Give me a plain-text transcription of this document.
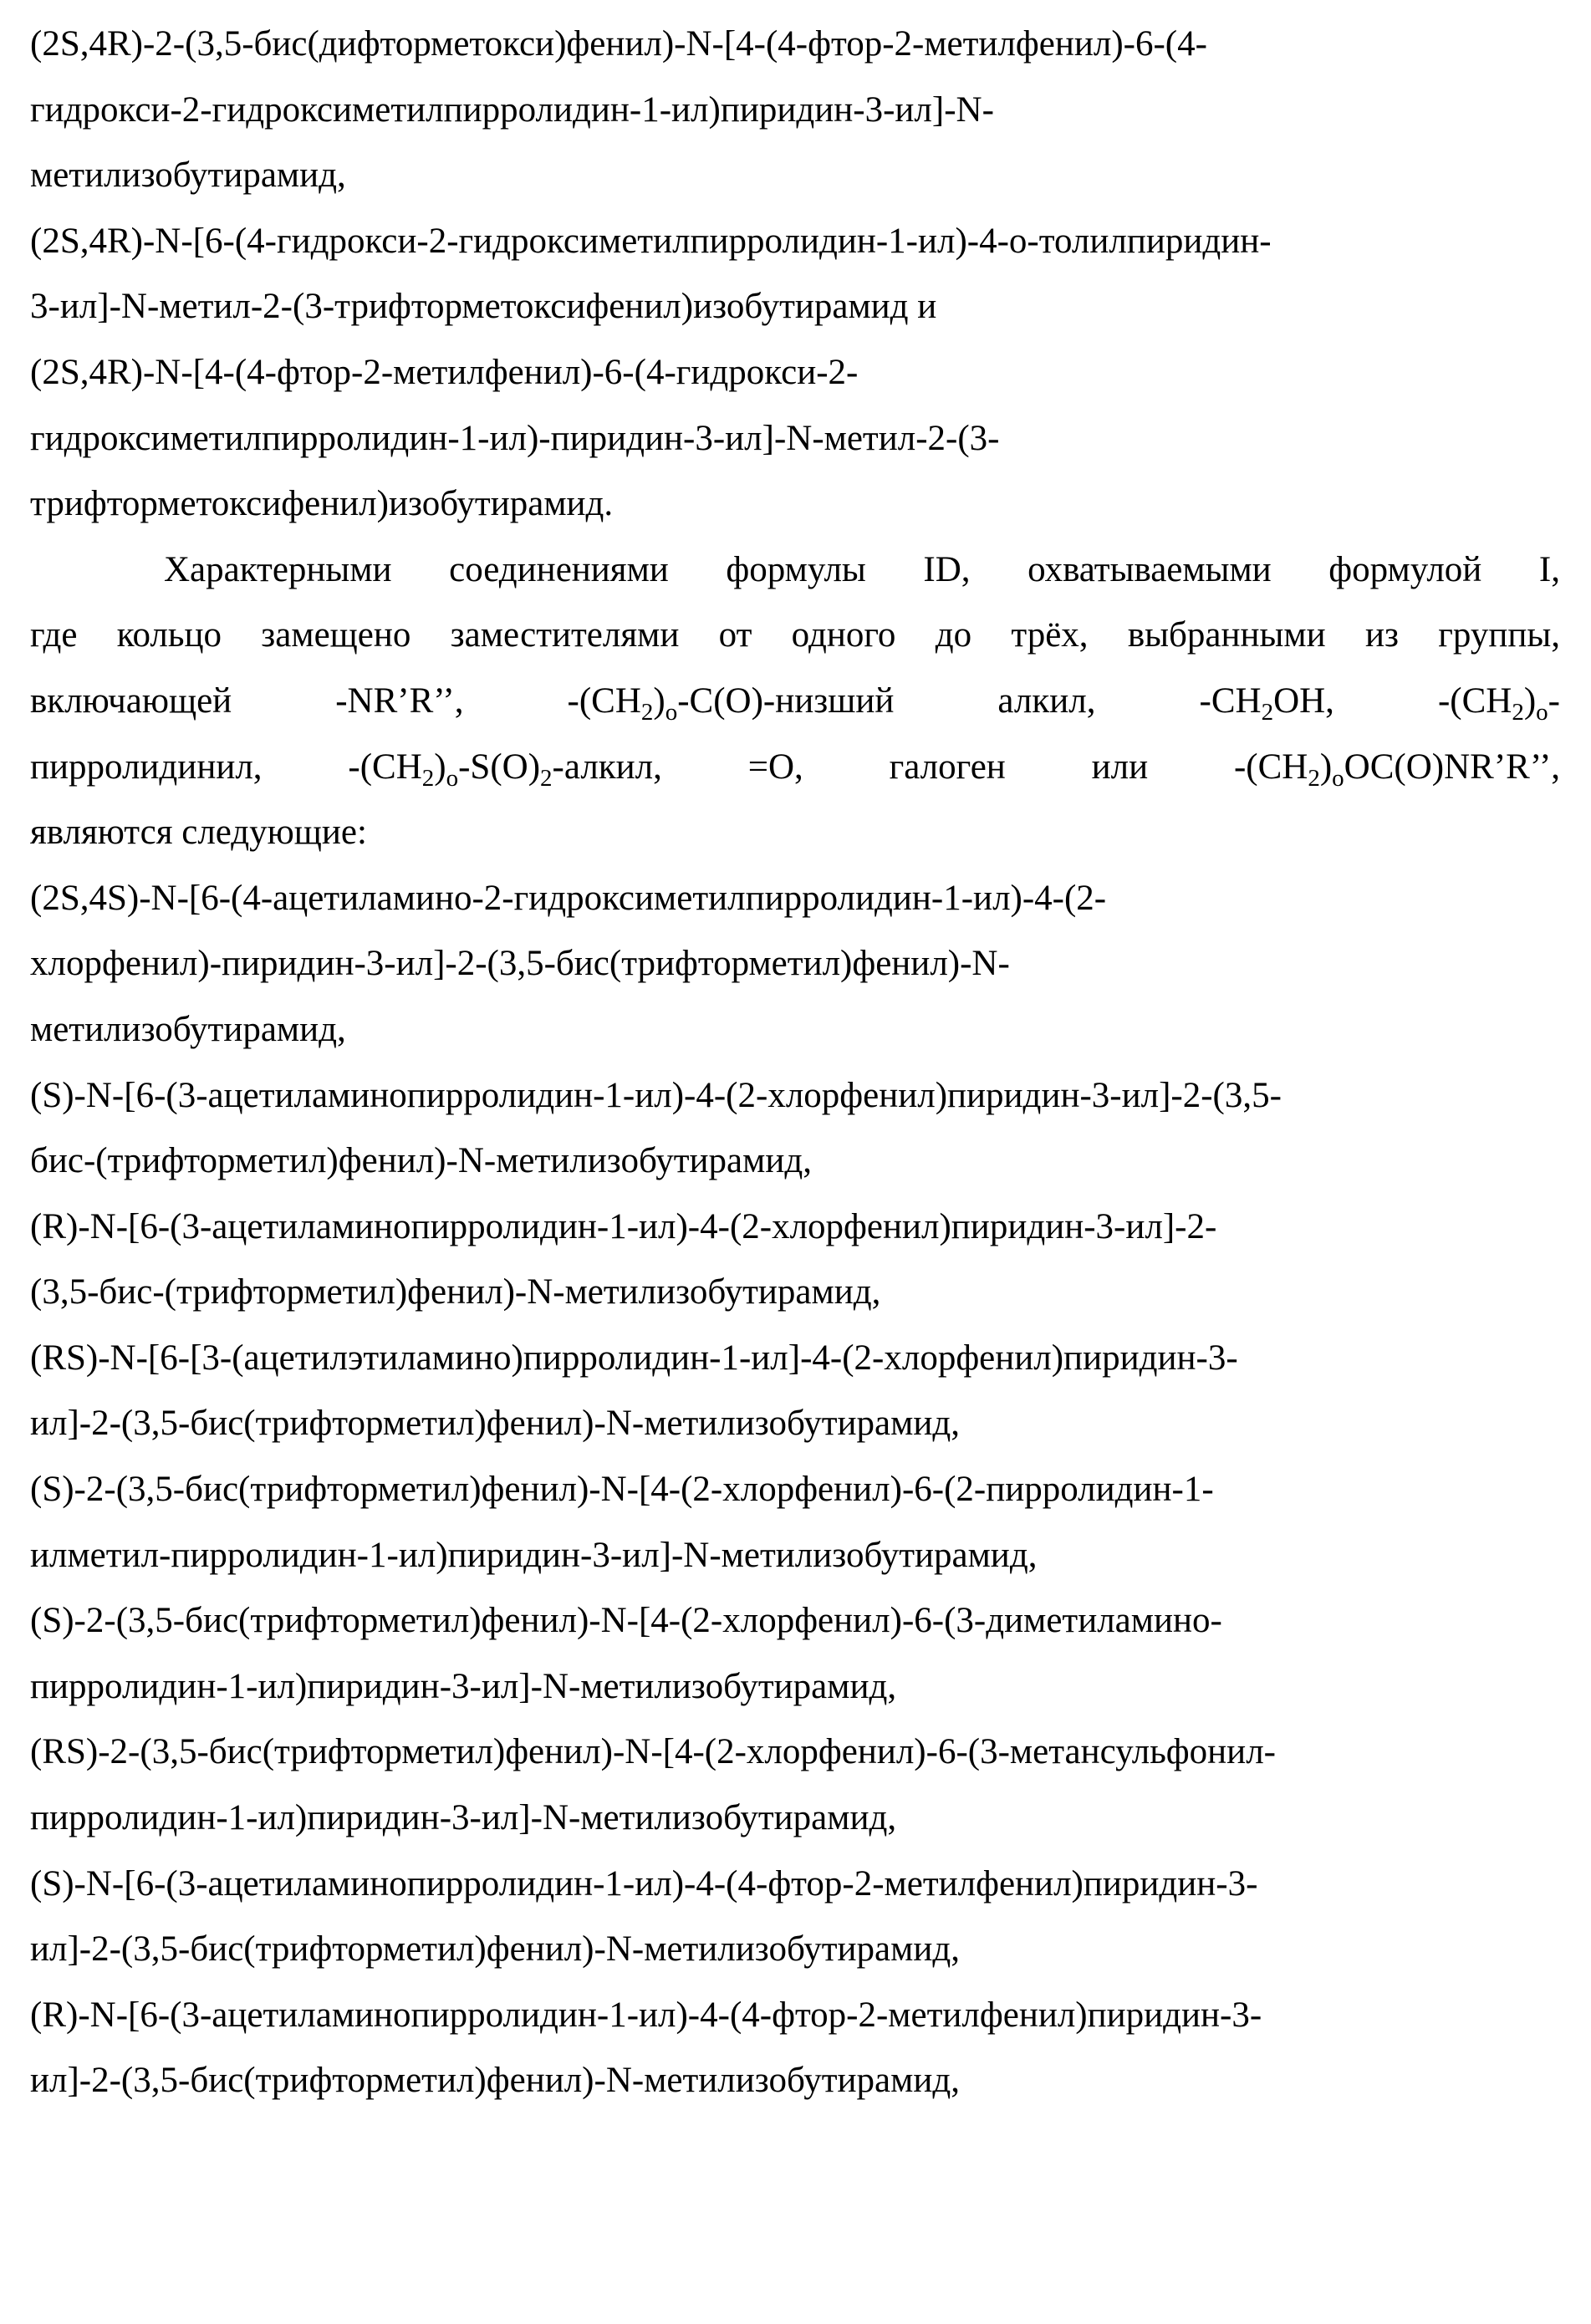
(2S,4R)-2-(3,5-бис(дифторметокси)фенил)-N-[4-(4-фтор-2-метилфенил)-6-(4-
гидрокси-2-гидроксиметилпирролидин-1-ил)пиридин-3-ил]-N-
метилизобутирамид,
(2S,4R)-N-[6-(4-гидрокси-2-гидроксиметилпирролидин-1-ил)-4-о-толилпиридин-
3-ил]-N-метил-2-(3-трифторметоксифенил)изобутирамид и
(2S,4R)-N-[4-(4-фтор-2-метилфенил)-6-(4-гидрокси-2-
гидроксиметилпирролидин-1-ил)-пиридин-3-ил]-N-метил-2-(3-
трифторметоксифенил)изобутирамид.
Характерными соединениями формулы ID, охватываемыми формулой I,
где кольцо замещено заместителями от одного до трёх, выбранными из группы,
включающей -NR’R’’, -(CH2)o-C(O)-низший алкил, -CH2OH, -(CH2)o-
пирролидинил, -(CH2)o-S(O)2-алкил, =O, галоген или -(CH2)oOC(O)NR’R’’,
являются следующие:
(2S,4S)-N-[6-(4-ацетиламино-2-гидроксиметилпирролидин-1-ил)-4-(2-
хлорфенил)-пиридин-3-ил]-2-(3,5-бис(трифторметил)фенил)-N-
метилизобутирамид,
(S)-N-[6-(3-ацетиламинопирролидин-1-ил)-4-(2-хлорфенил)пиридин-3-ил]-2-(3,5-
бис-(трифторметил)фенил)-N-метилизобутирамид,
(R)-N-[6-(3-ацетиламинопирролидин-1-ил)-4-(2-хлорфенил)пиридин-3-ил]-2-
(3,5-бис-(трифторметил)фенил)-N-метилизобутирамид,
(RS)-N-[6-[3-(ацетилэтиламино)пирролидин-1-ил]-4-(2-хлорфенил)пиридин-3-
ил]-2-(3,5-бис(трифторметил)фенил)-N-метилизобутирамид,
(S)-2-(3,5-бис(трифторметил)фенил)-N-[4-(2-хлорфенил)-6-(2-пирролидин-1-
илметил-пирролидин-1-ил)пиридин-3-ил]-N-метилизобутирамид,
(S)-2-(3,5-бис(трифторметил)фенил)-N-[4-(2-хлорфенил)-6-(3-диметиламино-
пирролидин-1-ил)пиридин-3-ил]-N-метилизобутирамид,
(RS)-2-(3,5-бис(трифторметил)фенил)-N-[4-(2-хлорфенил)-6-(3-метансульфонил-
пирролидин-1-ил)пиридин-3-ил]-N-метилизобутирамид,
(S)-N-[6-(3-ацетиламинопирролидин-1-ил)-4-(4-фтор-2-метилфенил)пиридин-3-
ил]-2-(3,5-бис(трифторметил)фенил)-N-метилизобутирамид,
(R)-N-[6-(3-ацетиламинопирролидин-1-ил)-4-(4-фтор-2-метилфенил)пиридин-3-
ил]-2-(3,5-бис(трифторметил)фенил)-N-метилизобутирамид,
